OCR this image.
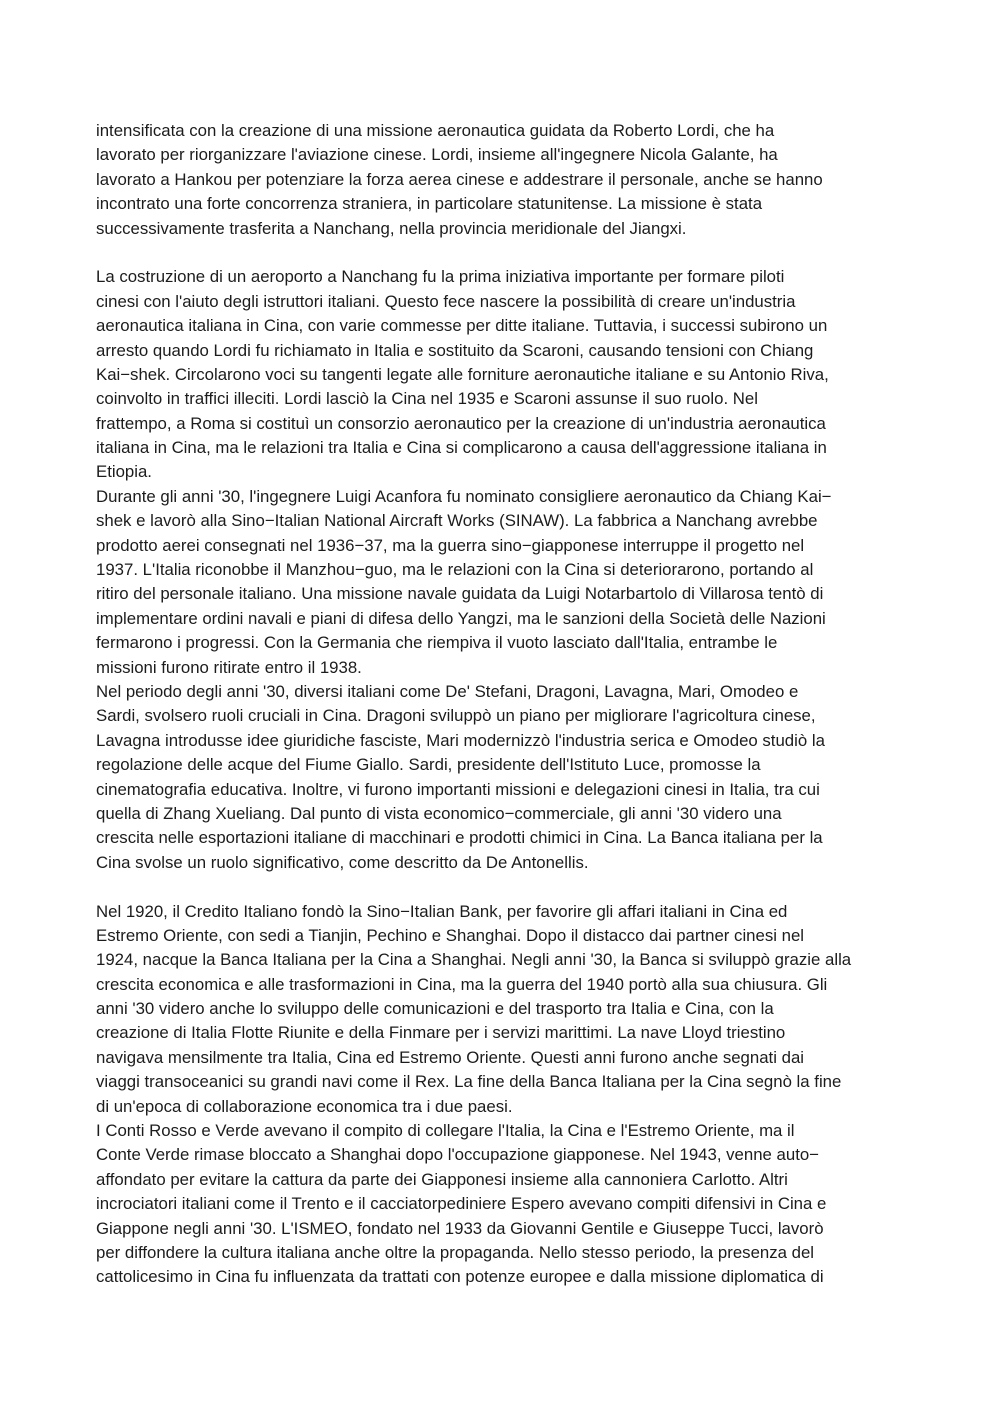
intensificata con la creazione di una missione aeronautica guidata da Roberto Lordi, che ha
lavorato per riorganizzare l'aviazione cinese. Lordi, insieme all'ingegnere Nicola Galante, ha
lavorato a Hankou per potenziare la forza aerea cinese e addestrare il personale, anche se hanno
incontrato una forte concorrenza straniera, in particolare statunitense. La missione è stata
successivamente trasferita a Nanchang, nella provincia meridionale del Jiangxi.
La costruzione di un aeroporto a Nanchang fu la prima iniziativa importante per formare piloti
cinesi con l'aiuto degli istruttori italiani. Questo fece nascere la possibilità di creare un'industria
aeronautica italiana in Cina, con varie commesse per ditte italiane. Tuttavia, i successi subirono un
arresto quando Lordi fu richiamato in Italia e sostituito da Scaroni, causando tensioni con Chiang
Kai−shek. Circolarono voci su tangenti legate alle forniture aeronautiche italiane e su Antonio Riva,
coinvolto in traffici illeciti. Lordi lasciò la Cina nel 1935 e Scaroni assunse il suo ruolo. Nel
frattempo, a Roma si costituì un consorzio aeronautico per la creazione di un'industria aeronautica
italiana in Cina, ma le relazioni tra Italia e Cina si complicarono a causa dell'aggressione italiana in
Etiopia.
Durante gli anni '30, l'ingegnere Luigi Acanfora fu nominato consigliere aeronautico da Chiang Kai−
shek e lavorò alla Sino−Italian National Aircraft Works (SINAW). La fabbrica a Nanchang avrebbe
prodotto aerei consegnati nel 1936−37, ma la guerra sino−giapponese interruppe il progetto nel
1937. L'Italia riconobbe il Manzhou−guo, ma le relazioni con la Cina si deteriorarono, portando al
ritiro del personale italiano. Una missione navale guidata da Luigi Notarbartolo di Villarosa tentò di
implementare ordini navali e piani di difesa dello Yangzi, ma le sanzioni della Società delle Nazioni
fermarono i progressi. Con la Germania che riempiva il vuoto lasciato dall'Italia, entrambe le
missioni furono ritirate entro il 1938.
Nel periodo degli anni '30, diversi italiani come De' Stefani, Dragoni, Lavagna, Mari, Omodeo e
Sardi, svolsero ruoli cruciali in Cina. Dragoni sviluppò un piano per migliorare l'agricoltura cinese,
Lavagna introdusse idee giuridiche fasciste, Mari modernizzò l'industria serica e Omodeo studiò la
regolazione delle acque del Fiume Giallo. Sardi, presidente dell'Istituto Luce, promosse la
cinematografia educativa. Inoltre, vi furono importanti missioni e delegazioni cinesi in Italia, tra cui
quella di Zhang Xueliang. Dal punto di vista economico−commerciale, gli anni '30 videro una
crescita nelle esportazioni italiane di macchinari e prodotti chimici in Cina. La Banca italiana per la
Cina svolse un ruolo significativo, come descritto da De Antonellis.
Nel 1920, il Credito Italiano fondò la Sino−Italian Bank, per favorire gli affari italiani in Cina ed
Estremo Oriente, con sedi a Tianjin, Pechino e Shanghai. Dopo il distacco dai partner cinesi nel
1924, nacque la Banca Italiana per la Cina a Shanghai. Negli anni '30, la Banca si sviluppò grazie alla
crescita economica e alle trasformazioni in Cina, ma la guerra del 1940 portò alla sua chiusura. Gli
anni '30 videro anche lo sviluppo delle comunicazioni e del trasporto tra Italia e Cina, con la
creazione di Italia Flotte Riunite e della Finmare per i servizi marittimi. La nave Lloyd triestino
navigava mensilmente tra Italia, Cina ed Estremo Oriente. Questi anni furono anche segnati dai
viaggi transoceanici su grandi navi come il Rex. La fine della Banca Italiana per la Cina segnò la fine
di un'epoca di collaborazione economica tra i due paesi.
I Conti Rosso e Verde avevano il compito di collegare l'Italia, la Cina e l'Estremo Oriente, ma il
Conte Verde rimase bloccato a Shanghai dopo l'occupazione giapponese. Nel 1943, venne auto−
affondato per evitare la cattura da parte dei Giapponesi insieme alla cannoniera Carlotto. Altri
incrociatori italiani come il Trento e il cacciatorpediniere Espero avevano compiti difensivi in Cina e
Giappone negli anni '30. L'ISMEO, fondato nel 1933 da Giovanni Gentile e Giuseppe Tucci, lavorò
per diffondere la cultura italiana anche oltre la propaganda. Nello stesso periodo, la presenza del
cattolicesimo in Cina fu influenzata da trattati con potenze europee e dalla missione diplomatica di
